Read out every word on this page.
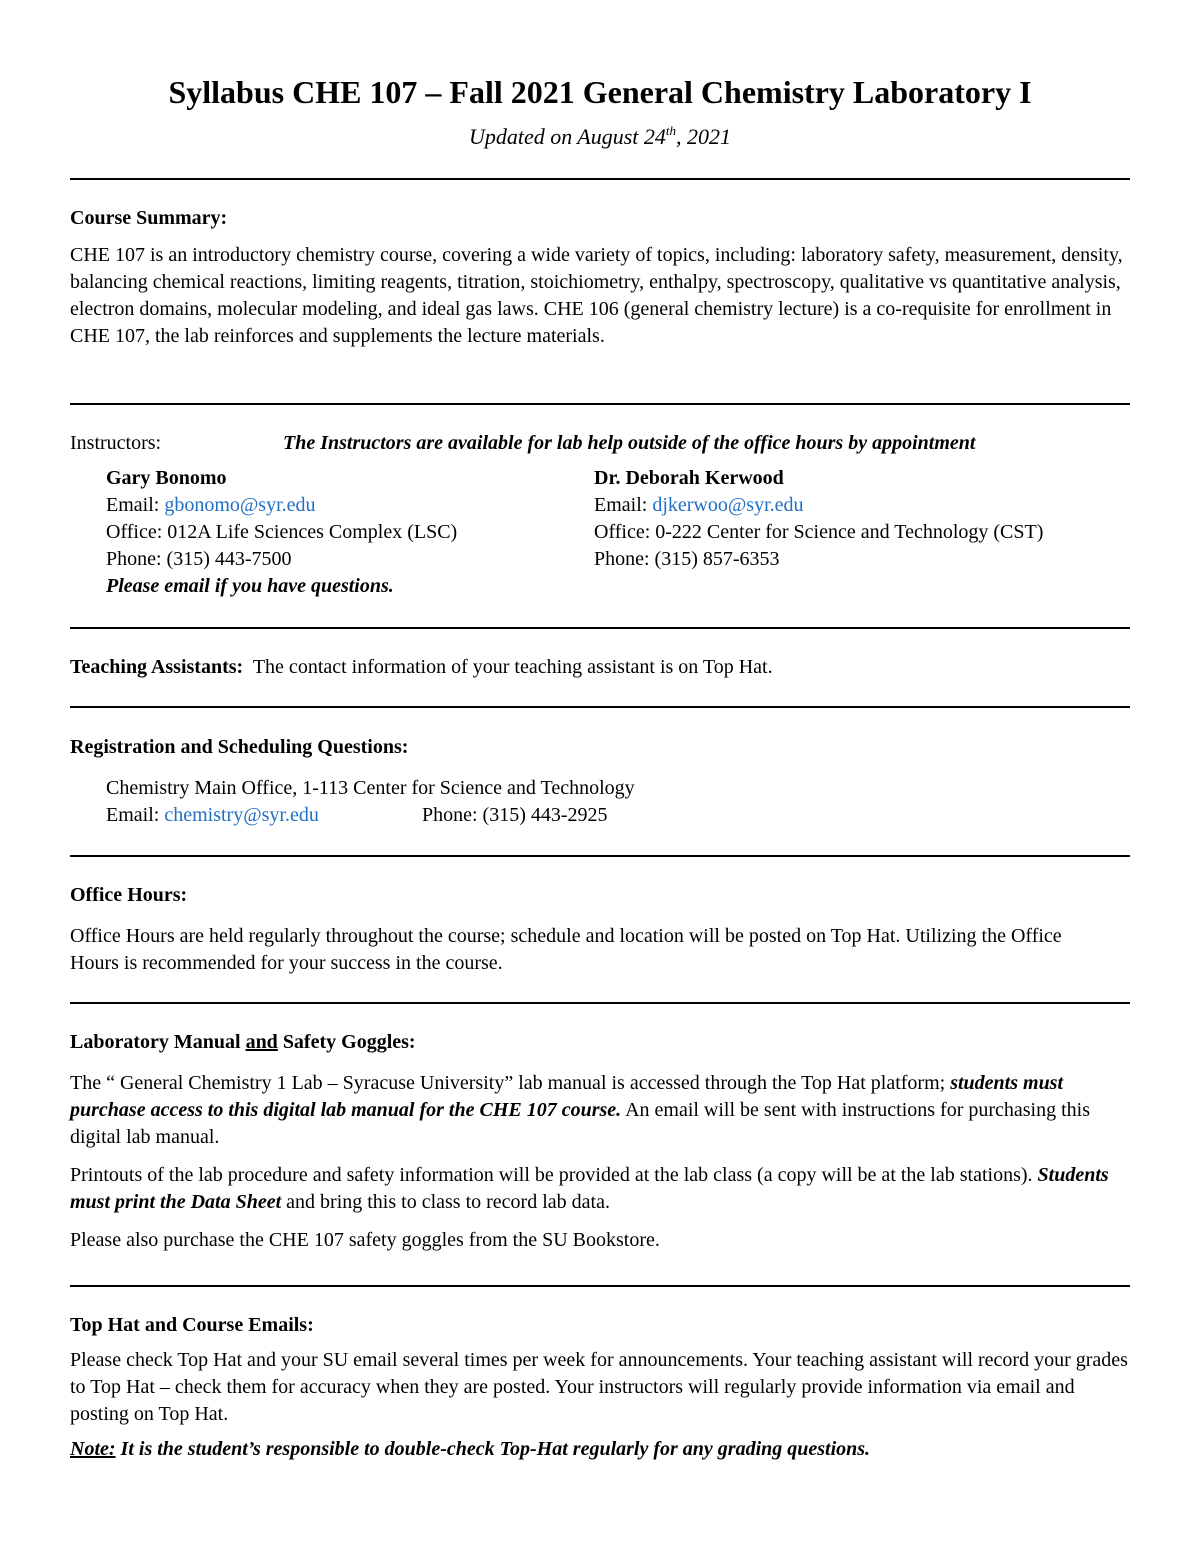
Syllabus CHE 107 – Fall 2021 General Chemistry Laboratory I
Updated on August 24th, 2021
Course Summary:

CHE 107 is an introductory chemistry course, covering a wide variety of topics, including: laboratory safety, measurement, density, balancing chemical reactions, limiting reagents, titration, stoichiometry, enthalpy, spectroscopy, qualitative vs quantitative analysis, electron domains, molecular modeling, and ideal gas laws. CHE 106 (general chemistry lecture) is a co-requisite for enrollment in CHE 107, the lab reinforces and supplements the lecture materials.

Instructors:	The Instructors are available for lab help outside of the office hours by appointment
Gary Bonomo
Email: gbonomo@syr.edu
Office: 012A Life Sciences Complex (LSC)
Phone: (315) 443-7500
Please email if you have questions.
Dr. Deborah Kerwood
Email: djkerwoo@syr.edu
Office: 0-222 Center for Science and Technology (CST)
Phone: (315) 857-6353
Teaching Assistants:  The contact information of your teaching assistant is on Top Hat.
Registration and Scheduling Questions:
Chemistry Main Office, 1-113 Center for Science and Technology
Email: chemistry@syr.edu	Phone: (315) 443-2925
Office Hours:

Office Hours are held regularly throughout the course; schedule and location will be posted on Top Hat. Utilizing the Office Hours is recommended for your success in the course.

Laboratory Manual and Safety Goggles:

The “ General Chemistry 1 Lab – Syracuse University” lab manual is accessed through the Top Hat platform; students must purchase access to this digital lab manual for the CHE 107 course. An email will be sent with instructions for purchasing this digital lab manual.

Printouts of the lab procedure and safety information will be provided at the lab class (a copy will be at the lab stations). Students must print the Data Sheet and bring this to class to record lab data.

Please also purchase the CHE 107 safety goggles from the SU Bookstore.

Top Hat and Course Emails:

Please check Top Hat and your SU email several times per week for announcements. Your teaching assistant will record your grades to Top Hat – check them for accuracy when they are posted. Your instructors will regularly provide information via email and posting on Top Hat.

Note: It is the student’s responsible to double-check Top-Hat regularly for any grading questions.
